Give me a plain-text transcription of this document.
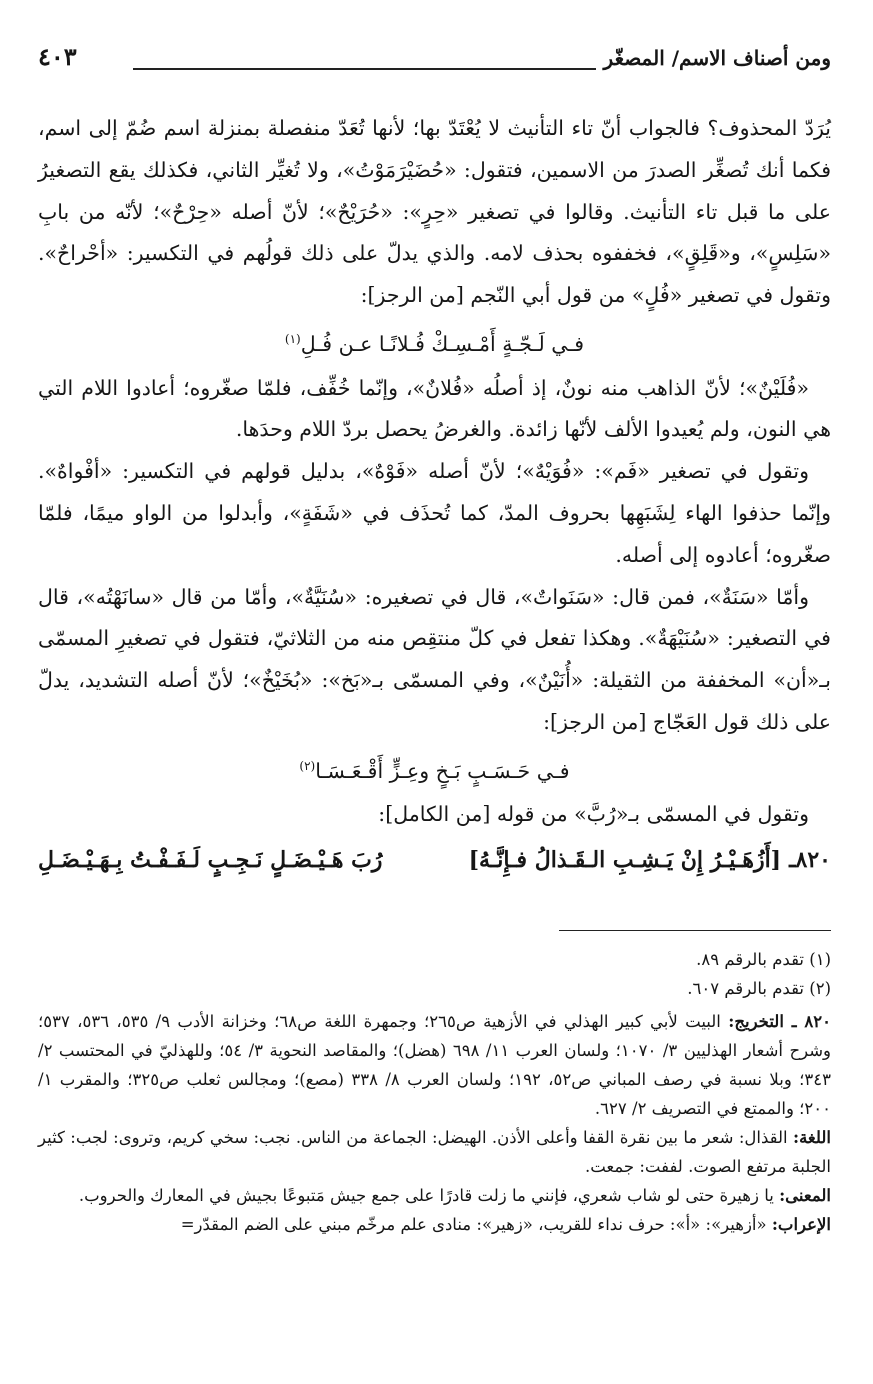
ومن أصناف الاسم/ المصغّر
٤٠٣

يُرَدّ المحذوف؟ فالجواب أنّ تاء التأنيث لا يُعْتَدّ بها؛ لأنها تُعَدّ منفصلة بمنزلة اسم ضُمّ إلى اسم، فكما أنك تُصغِّر الصدرَ من الاسمين، فتقول: «حُضَيْرَمَوْتُ»، ولا تُغيِّر الثاني، فكذلك يقع التصغيرُ على ما قبل تاء التأنيث. وقالوا في تصغير «حِرٍ»: «حُرَيْحٌ»؛ لأنّ أصله «حِرْحٌ»؛ لأنّه من بابِ «سَلِسٍ»، و«قَلِقٍ»، فخففوه بحذف لامه. والذي يدلّ على ذلك قولُهم في التكسير: «أحْراحٌ». وتقول في تصغير «فُلٍ» من قول أبي النّجم [من الرجز]:

فـي لَـجّـةٍ أَمْـسِـكْ فُـلانًـا عـن فُـلِ$^{(١)}$

«فُلَيْنٌ»؛ لأنّ الذاهب منه نونٌ، إذ أصلُه «فُلانٌ»، وإنّما خُفِّف، فلمّا صغّروه؛ أعادوا اللام التي هي النون، ولم يُعيدوا الألف لأنّها زائدة. والغرضُ يحصل بردّ اللام وحدَها.

وتقول في تصغير «فَم»: «فُوَيْهٌ»؛ لأنّ أصله «فَوْهٌ»، بدليل قولهم في التكسير: «أفْواهٌ». وإنّما حذفوا الهاء لِشَبَهِها بحروف المدّ، كما تُحذَف في «شَفَةٍ»، وأبدلوا من الواو ميمًا، فلمّا صغّروه؛ أعادوه إلى أصله.

وأمّا «سَنَةٌ»، فمن قال: «سَنَواتٌ»، قال في تصغيره: «سُنَيَّةٌ»، وأمّا من قال «سانَهْتُه»، قال في التصغير: «سُنَيْهَةٌ». وهكذا تفعل في كلّ منتقِص منه من الثلاثيّ، فتقول في تصغيرِ المسمّى بـ«أن» المخففة من الثقيلة: «أُنَيْنٌ»، وفي المسمّى بـ«بَخ»: «بُخَيْخٌ»؛ لأنّ أصله التشديد، يدلّ على ذلك قول العَجّاج [من الرجز]:

فـي حَـسَـبٍ بَـخٍ وعِـزٍّ أَقْـعَـسَـا$^{(٢)}$

وتقول في المسمّى بـ«رُبَّ» من قوله [من الكامل]:

٨٢٠ـ
[أَزُهَـيْـرُ إِنْ يَـشِـبِ الـقَـذالُ فـإِنَّـهُ]
رُبَ هَـيْـضَـلٍ نَـجِـبٍ لَـفَـفْـتُ بِـهَـيْـضَـلِ

(١) تقدم بالرقم ٨٩.

(٢) تقدم بالرقم ٦٠٧.

٨٢٠ ـ التخريج: البيت لأبي كبير الهذلي في الأزهية ص٢٦٥؛ وجمهرة اللغة ص٦٨؛ وخزانة الأدب ٩/ ٥٣٥، ٥٣٦، ٥٣٧؛ وشرح أشعار الهذليين ٣/ ١٠٧٠؛ ولسان العرب ١١/ ٦٩٨ (هضل)؛ والمقاصد النحوية ٣/ ٥٤؛ وللهذليّ في المحتسب ٢/ ٣٤٣؛ وبلا نسبة في رصف المباني ص٥٢، ١٩٢؛ ولسان العرب ٨/ ٣٣٨ (مصع)؛ ومجالس ثعلب ص٣٢٥؛ والمقرب ١/ ٢٠٠؛ والممتع في التصريف ٢/ ٦٢٧.

اللغة: القذال: شعر ما بين نقرة القفا وأعلى الأذن. الهيضل: الجماعة من الناس. نجب: سخي كريم، وتروى: لجب: كثير الجلبة مرتفع الصوت. لففت: جمعت.

المعنى: يا زهيرة حتى لو شاب شعري، فإنني ما زلت قادرًا على جمع جيش مَتبوعًا بجيش في المعارك والحروب.

الإعراب: «أزهير»: «أ»: حرف نداء للقريب، «زهير»: منادى علم مرخّم مبني على الضم المقدّر=
